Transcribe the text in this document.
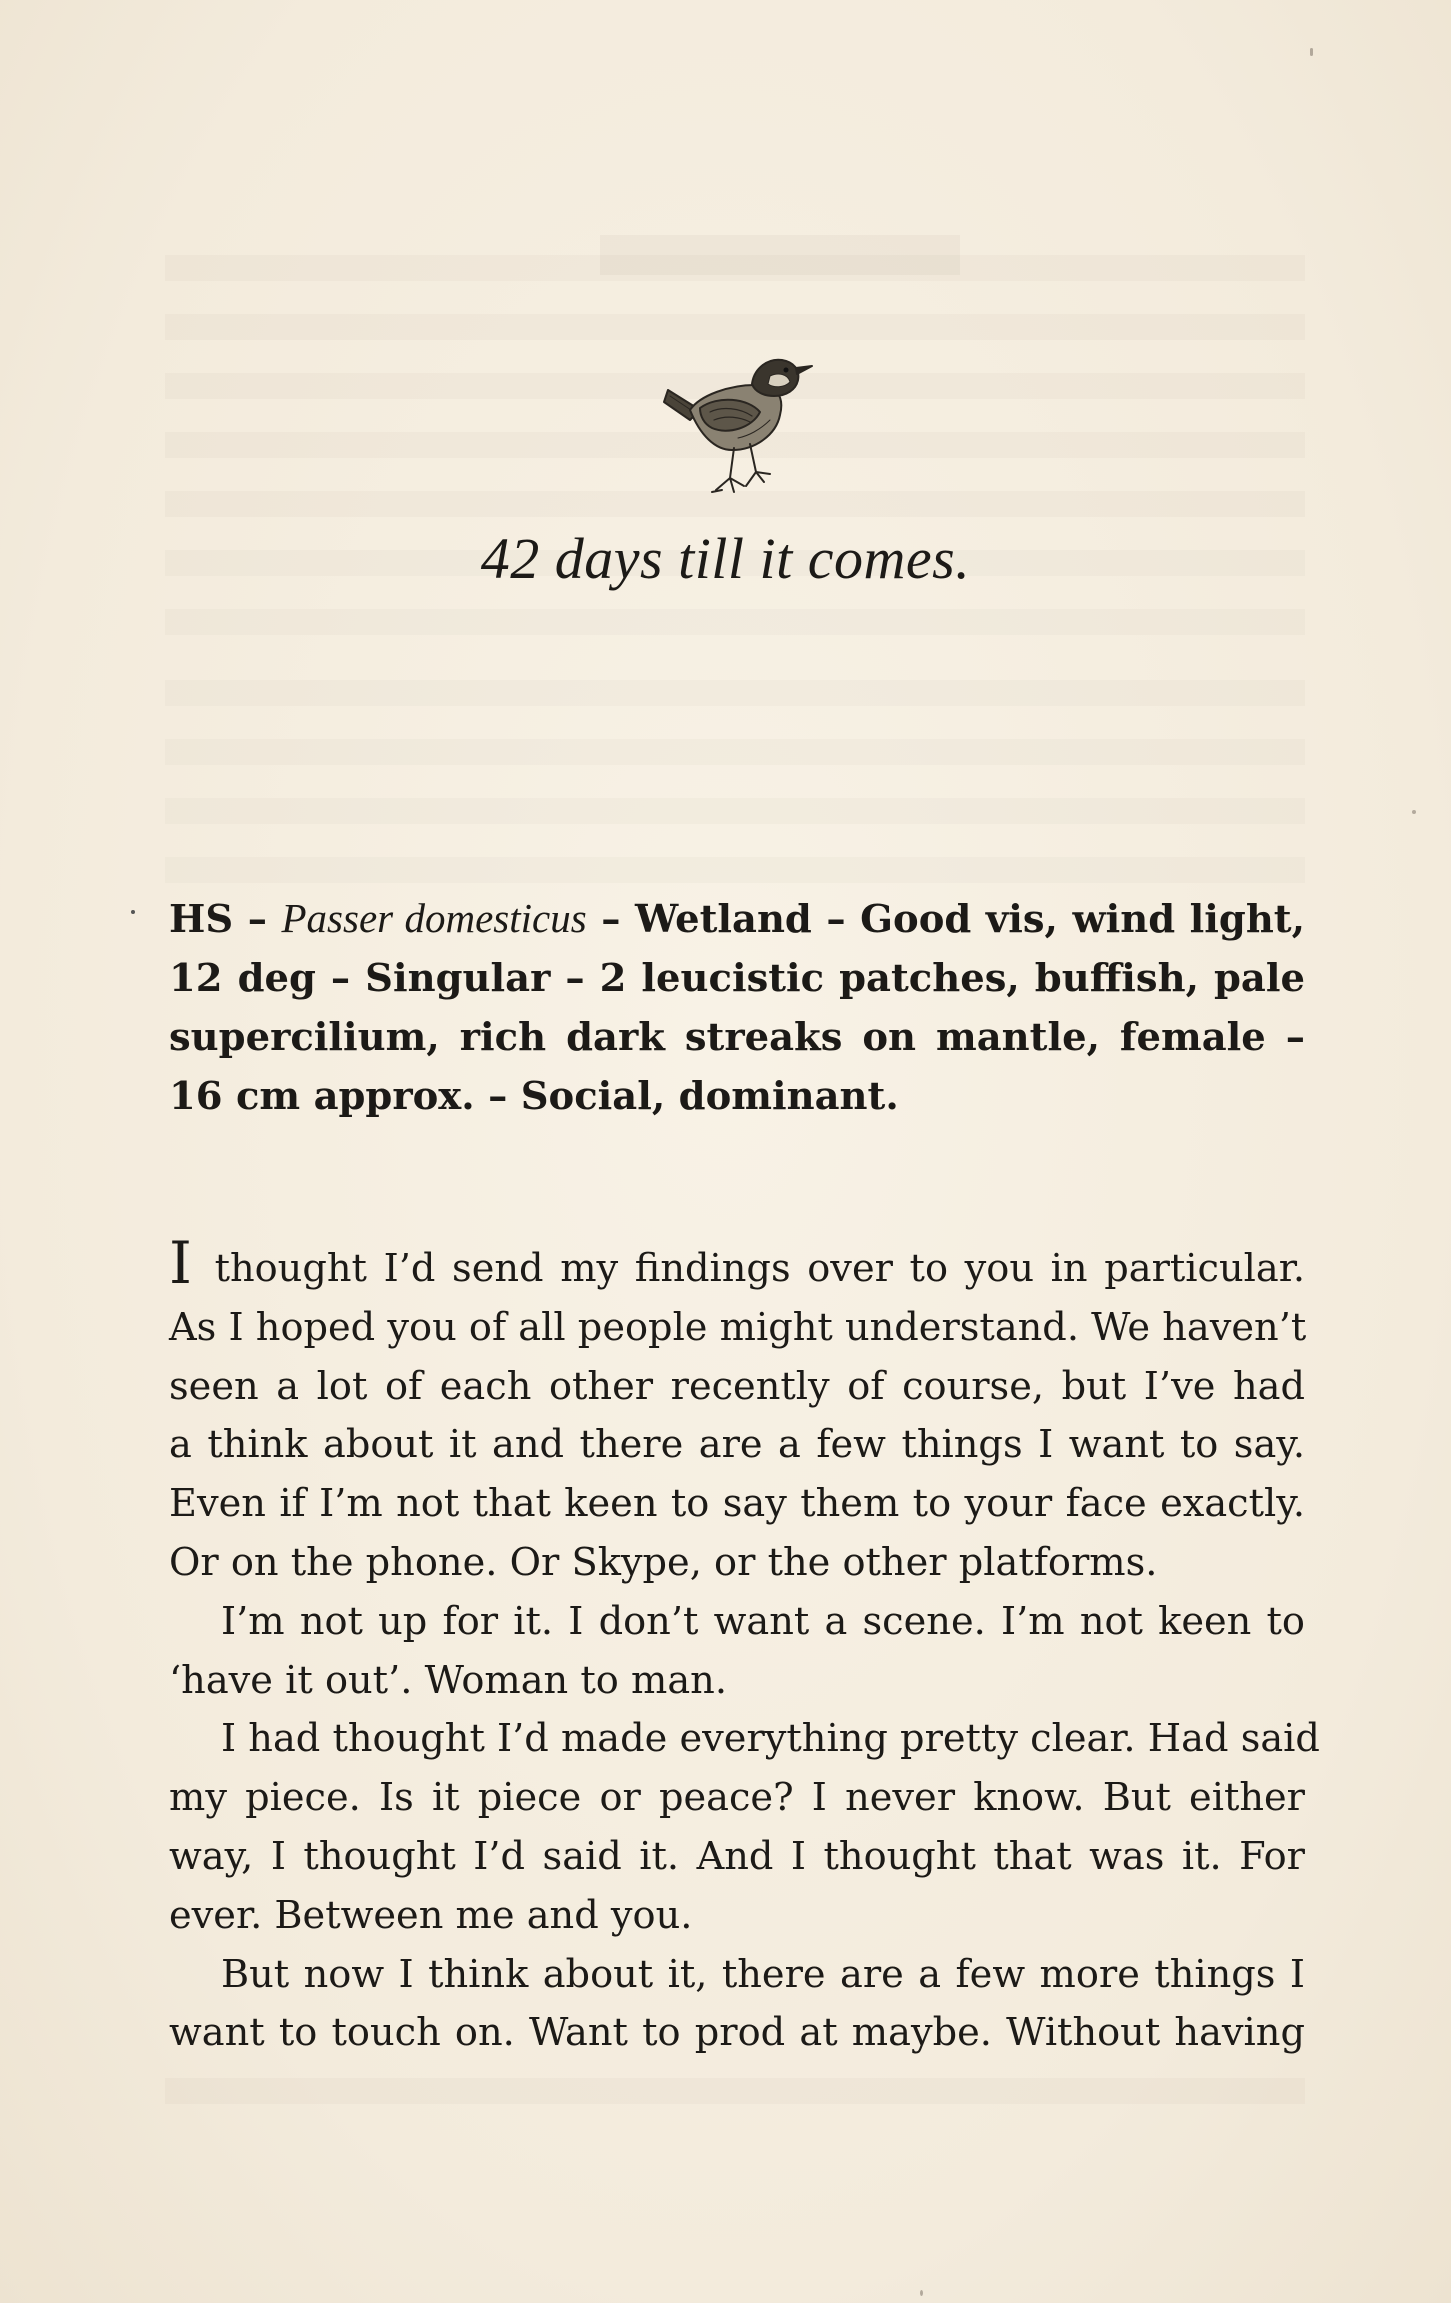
42 days till it comes.

HS – Passer domesticus – Wetland – Good vis, wind light,
12 deg – Singular – 2 leucistic patches, buffish, pale
supercilium, rich dark streaks on mantle, female –
16 cm approx. – Social, dominant.

I thought I’d send my findings over to you in particular.
As I hoped you of all people might understand. We haven’t
seen a lot of each other recently of course, but I’ve had
a think about it and there are a few things I want to say.
Even if I’m not that keen to say them to your face exactly.
Or on the phone. Or Skype, or the other platforms.
I’m not up for it. I don’t want a scene. I’m not keen to
‘have it out’. Woman to man.
I had thought I’d made everything pretty clear. Had said
my piece. Is it piece or peace? I never know. But either
way, I thought I’d said it. And I thought that was it. For
ever. Between me and you.
But now I think about it, there are a few more things I
want to touch on. Want to prod at maybe. Without having
